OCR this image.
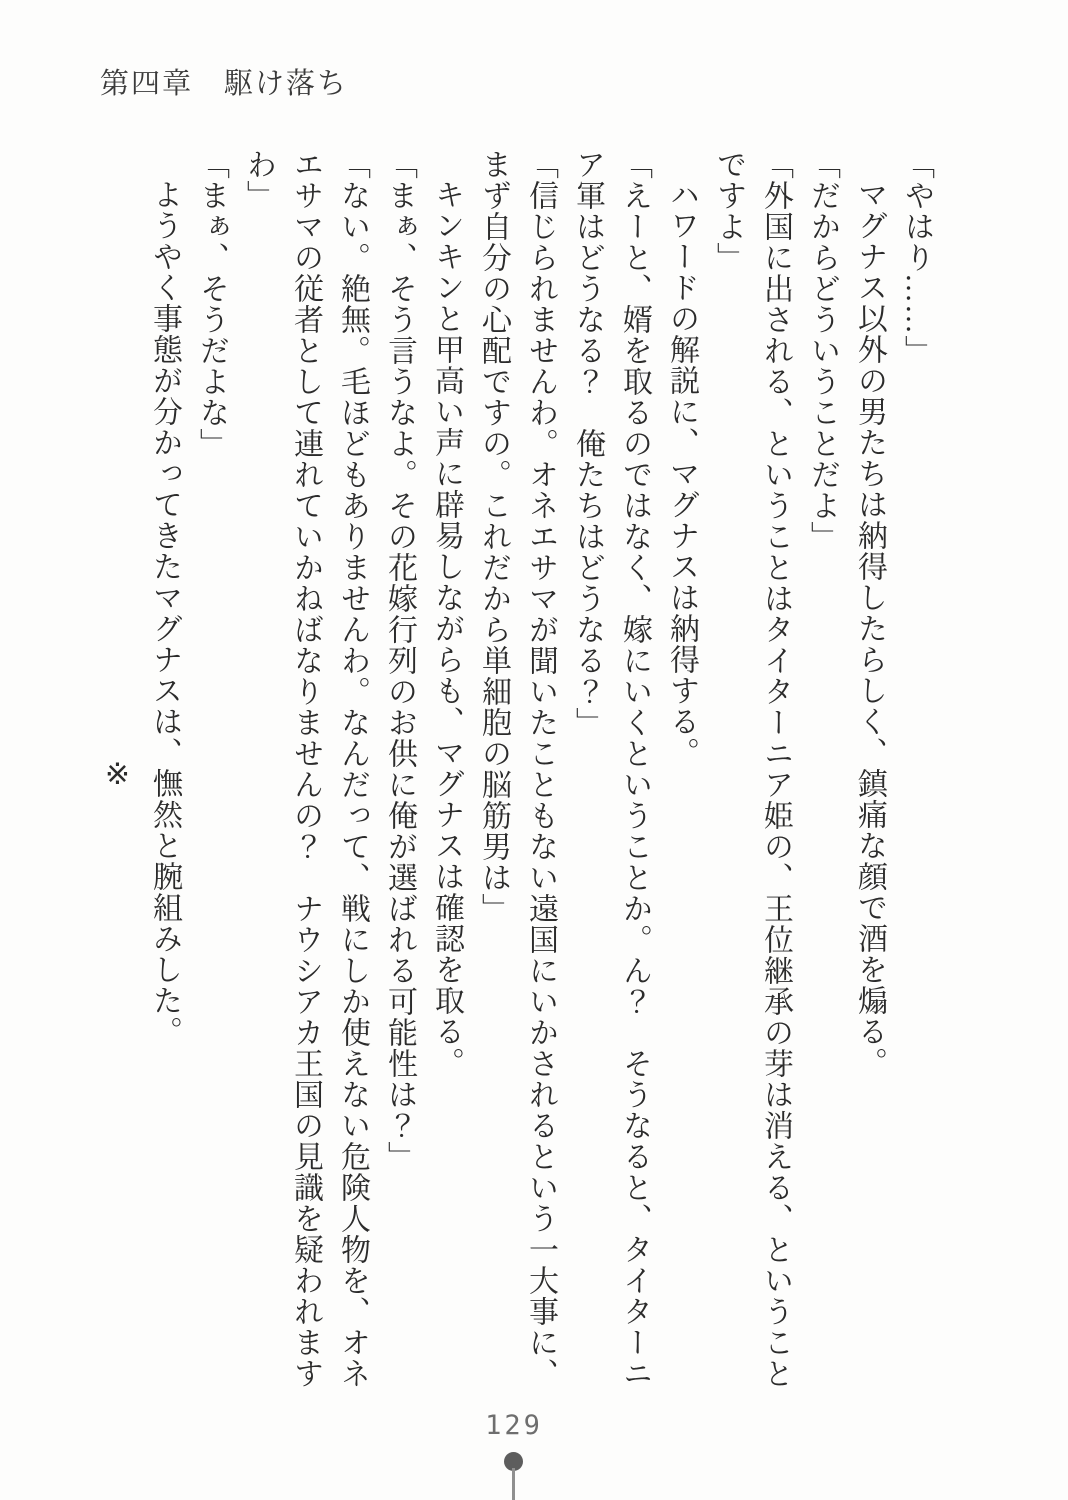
第四章　駆け落ち

「やはり……」

マグナス以外の男たちは納得したらしく、鎮痛な顔で酒を煽る。

「だからどういうことだよ」

「外国に出される、ということはタイターニア姫の、王位継承の芽は消える、ということですよ」

ハワードの解説に、マグナスは納得する。

「えーと、婿を取るのではなく、嫁にいくということか。ん？　そうなると、タイターニア軍はどうなる？　俺たちはどうなる？」

「信じられませんわ。オネエサマが聞いたこともない遠国にいかされるという一大事に、まず自分の心配ですの。これだから単細胞の脳筋男は」

キンキンと甲高い声に辟易しながらも、マグナスは確認を取る。

「まぁ、そう言うなよ。その花嫁行列のお供に俺が選ばれる可能性は？」

「ない。絶無。毛ほどもありませんわ。なんだって、戦にしか使えない危険人物を、オネエサマの従者として連れていかねばなりませんの？　ナウシアカ王国の見識を疑われますわ」

「まぁ、そうだよな」

ようやく事態が分かってきたマグナスは、憮然と腕組みした。

※

129
